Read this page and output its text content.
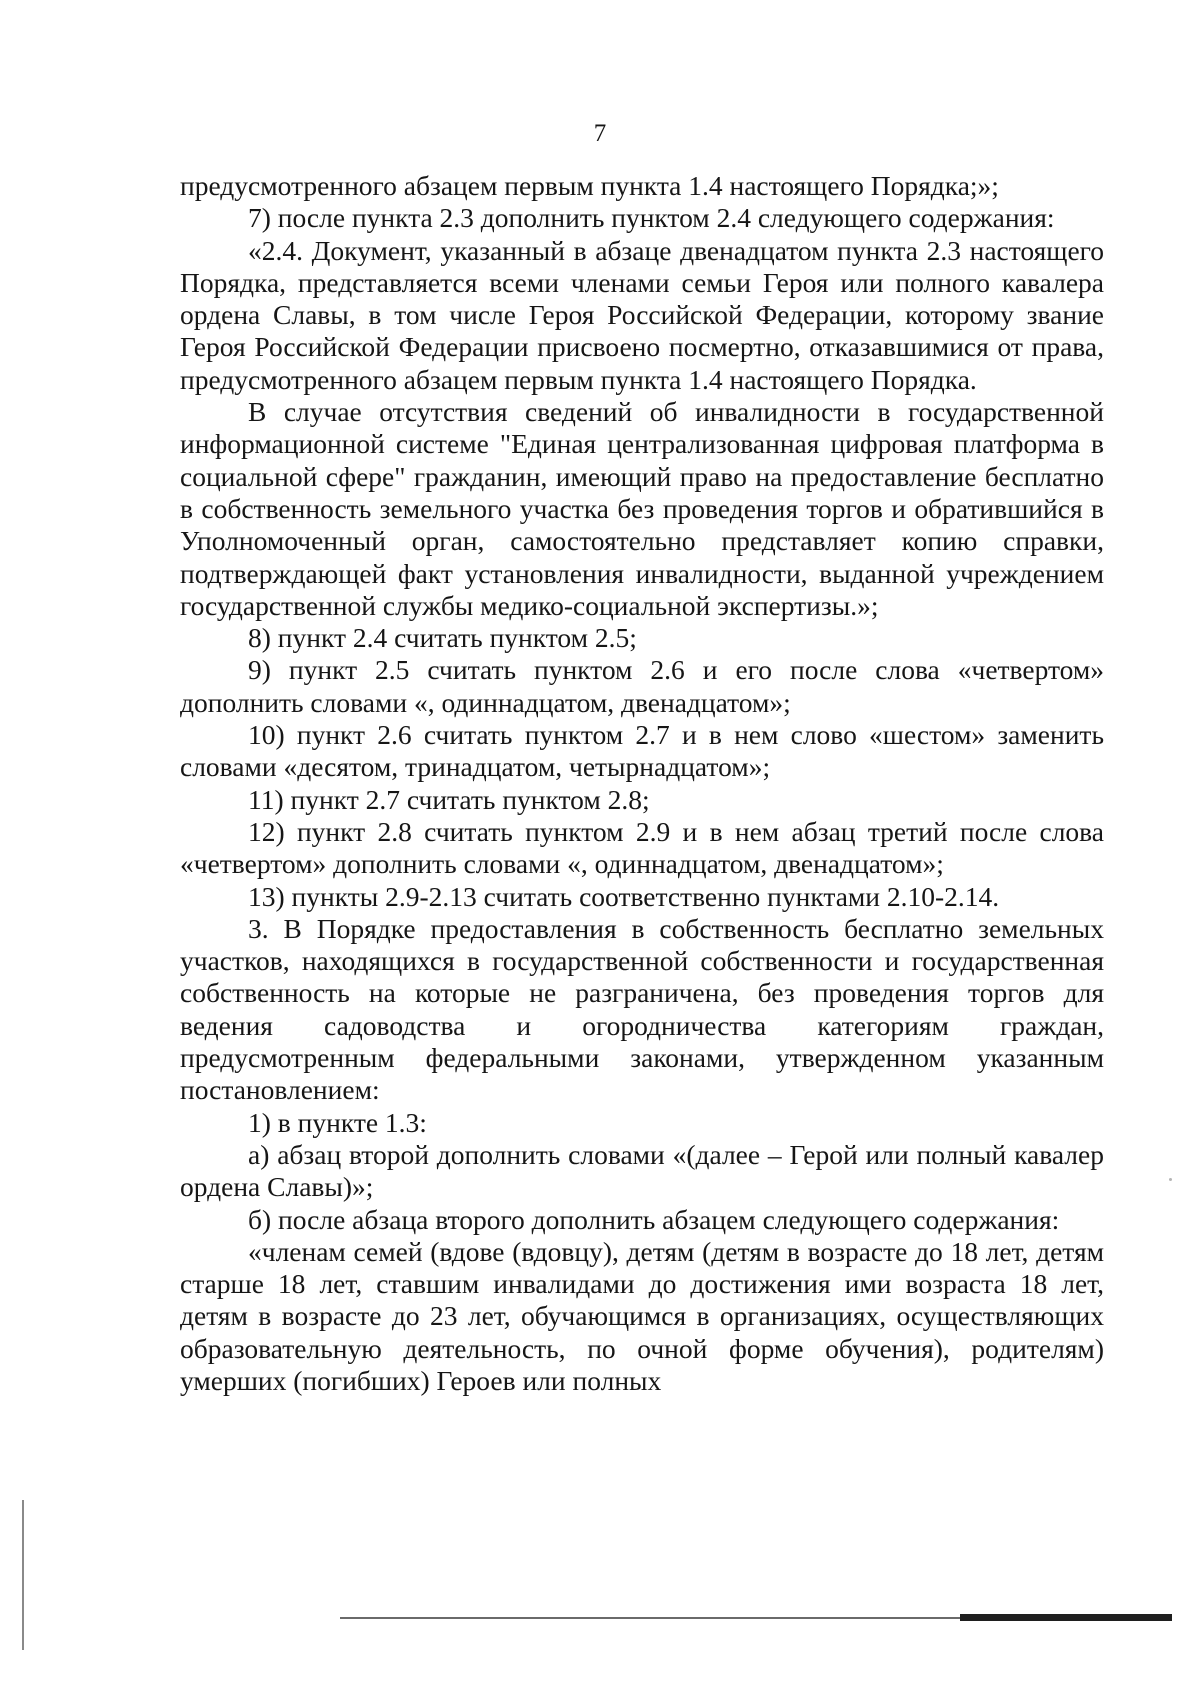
7

предусмотренного абзацем первым пункта 1.4 настоящего Порядка;»;

7) после пункта 2.3 дополнить пунктом 2.4 следующего содержания:

«2.4. Документ, указанный в абзаце двенадцатом пункта 2.3 настоящего Порядка, представляется всеми членами семьи Героя или полного кавалера ордена Славы, в том числе Героя Российской Федерации, которому звание Героя Российской Федерации присвоено посмертно, отказавшимися от права, предусмотренного абзацем первым пункта 1.4 настоящего Порядка.

В случае отсутствия сведений об инвалидности в государственной информационной системе "Единая централизованная цифровая платформа в социальной сфере" гражданин, имеющий право на предоставление бесплатно в собственность земельного участка без проведения торгов и обратившийся в Уполномоченный орган, самостоятельно представляет копию справки, подтверждающей факт установления инвалидности, выданной учреждением государственной службы медико-социальной экспертизы.»;

8) пункт 2.4 считать пунктом 2.5;

9) пункт 2.5 считать пунктом 2.6 и его после слова «четвертом» дополнить словами «, одиннадцатом, двенадцатом»;

10) пункт 2.6 считать пунктом 2.7 и в нем слово «шестом» заменить словами «десятом, тринадцатом, четырнадцатом»;

11) пункт 2.7 считать пунктом 2.8;

12) пункт 2.8 считать пунктом 2.9 и в нем абзац третий после слова «четвертом» дополнить словами «, одиннадцатом, двенадцатом»;

13) пункты 2.9-2.13 считать соответственно пунктами 2.10-2.14.

3. В Порядке предоставления в собственность бесплатно земельных участков, находящихся в государственной собственности и государственная собственность на которые не разграничена, без проведения торгов для ведения садоводства и огородничества категориям граждан, предусмотренным федеральными законами, утвержденном указанным постановлением:

1) в пункте 1.3:

а) абзац второй дополнить словами «(далее – Герой или полный кавалер ордена Славы)»;

б) после абзаца второго дополнить абзацем следующего содержания:

«членам семей (вдове (вдовцу), детям (детям в возрасте до 18 лет, детям старше 18 лет, ставшим инвалидами до достижения ими возраста 18 лет, детям в возрасте до 23 лет, обучающимся в организациях, осуществляющих образовательную деятельность, по очной форме обучения), родителям) умерших (погибших) Героев или полных
